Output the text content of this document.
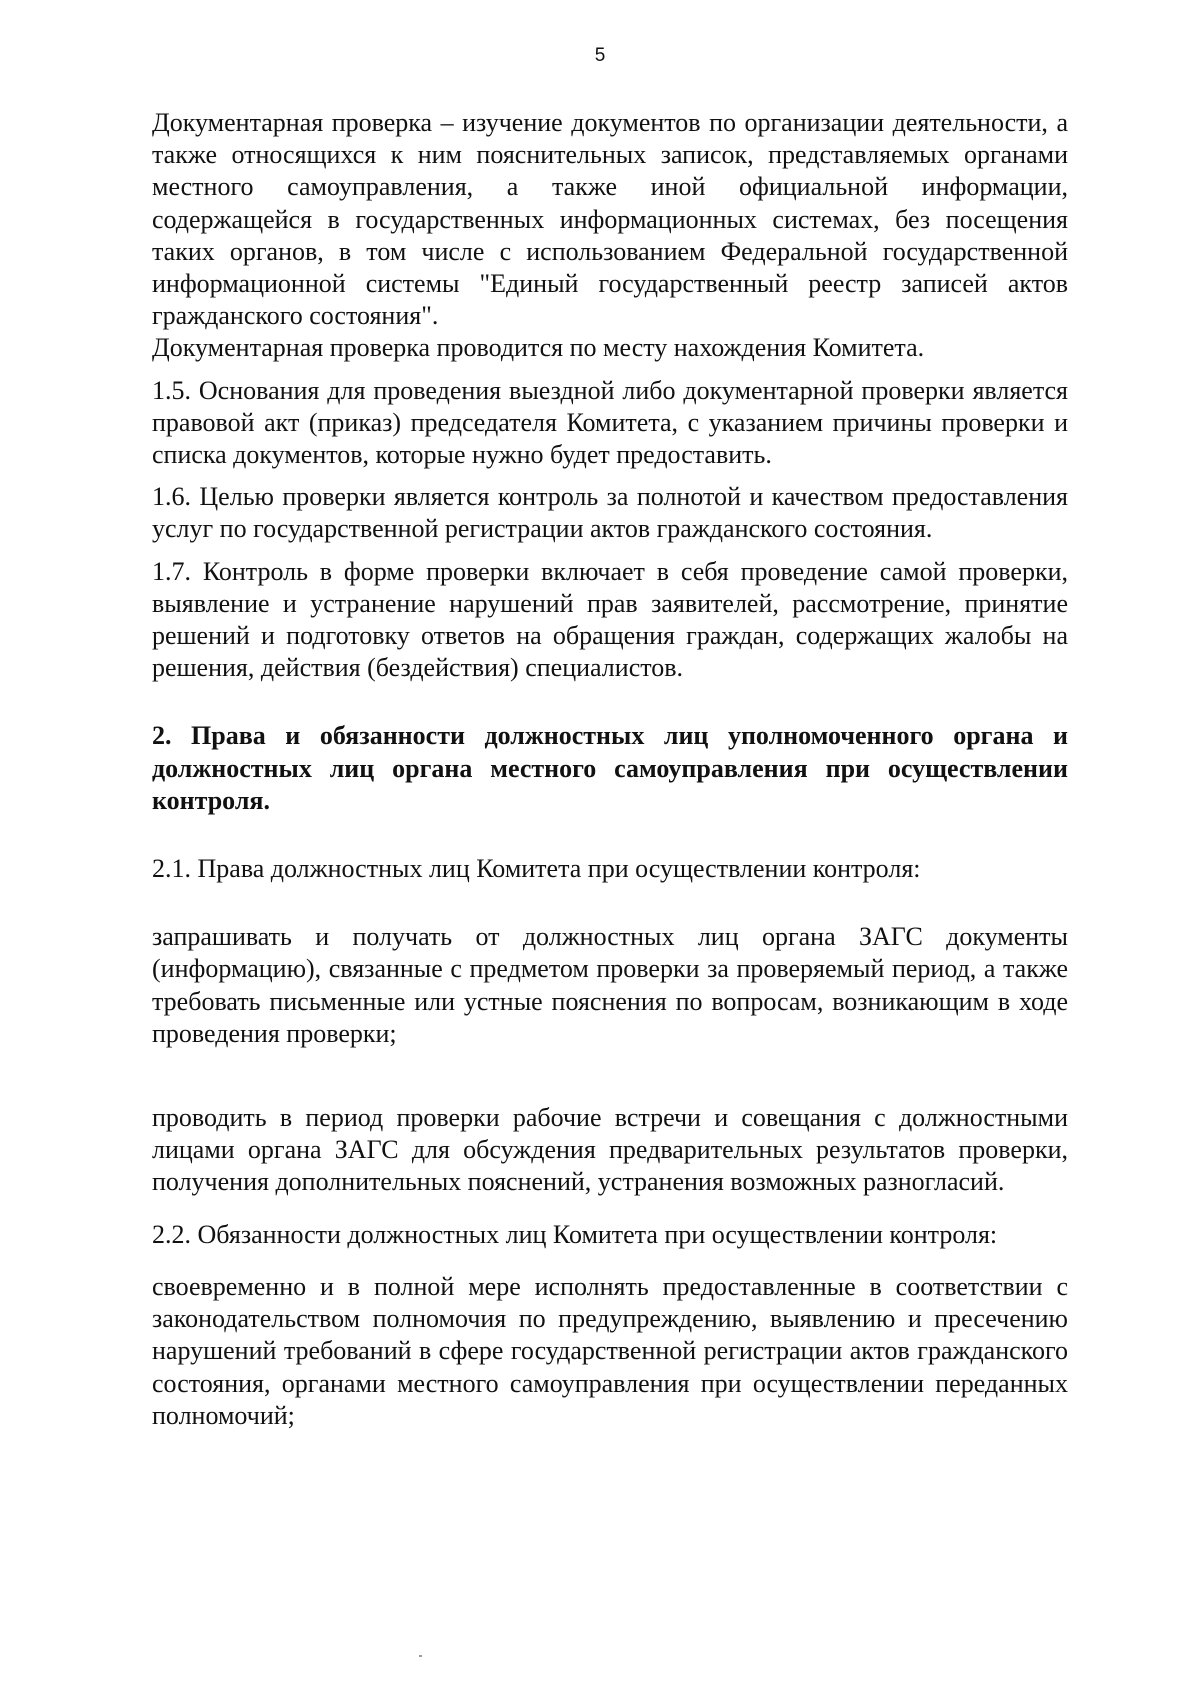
5

Документарная проверка – изучение документов по организации деятельности, а также относящихся к ним пояснительных записок, представляемых органами местного самоуправления, а также иной официальной информации, содержащейся в государственных информационных системах, без посещения таких органов, в том числе с использованием Федеральной государственной информационной системы "Единый государственный реестр записей актов гражданского состояния".

Документарная проверка проводится по месту нахождения Комитета.

1.5. Основания для проведения выездной либо документарной проверки является правовой акт (приказ) председателя Комитета, с указанием причины проверки и списка документов, которые нужно будет предоставить.

1.6. Целью проверки является контроль за полнотой и качеством предоставления услуг по государственной регистрации актов гражданского состояния.

1.7. Контроль в форме проверки включает в себя проведение самой проверки, выявление и устранение нарушений прав заявителей, рассмотрение, принятие решений и подготовку ответов на обращения граждан, содержащих жалобы на решения, действия (бездействия) специалистов.

2. Права и обязанности должностных лиц уполномоченного органа и должностных лиц органа местного самоуправления при осуществлении контроля.

2.1. Права должностных лиц Комитета при осуществлении контроля:

запрашивать и получать от должностных лиц органа ЗАГС документы (информацию), связанные с предметом проверки за проверяемый период, а также требовать письменные или устные пояснения по вопросам, возникающим в ходе проведения проверки;

проводить в период проверки рабочие встречи и совещания с должностными лицами органа ЗАГС для обсуждения предварительных результатов проверки, получения дополнительных пояснений, устранения возможных разногласий.

2.2. Обязанности должностных лиц Комитета при осуществлении контроля:

своевременно и в полной мере исполнять предоставленные в соответствии с законодательством полномочия по предупреждению, выявлению и пресечению нарушений требований в сфере государственной регистрации актов гражданского состояния, органами местного самоуправления при осуществлении переданных полномочий;
